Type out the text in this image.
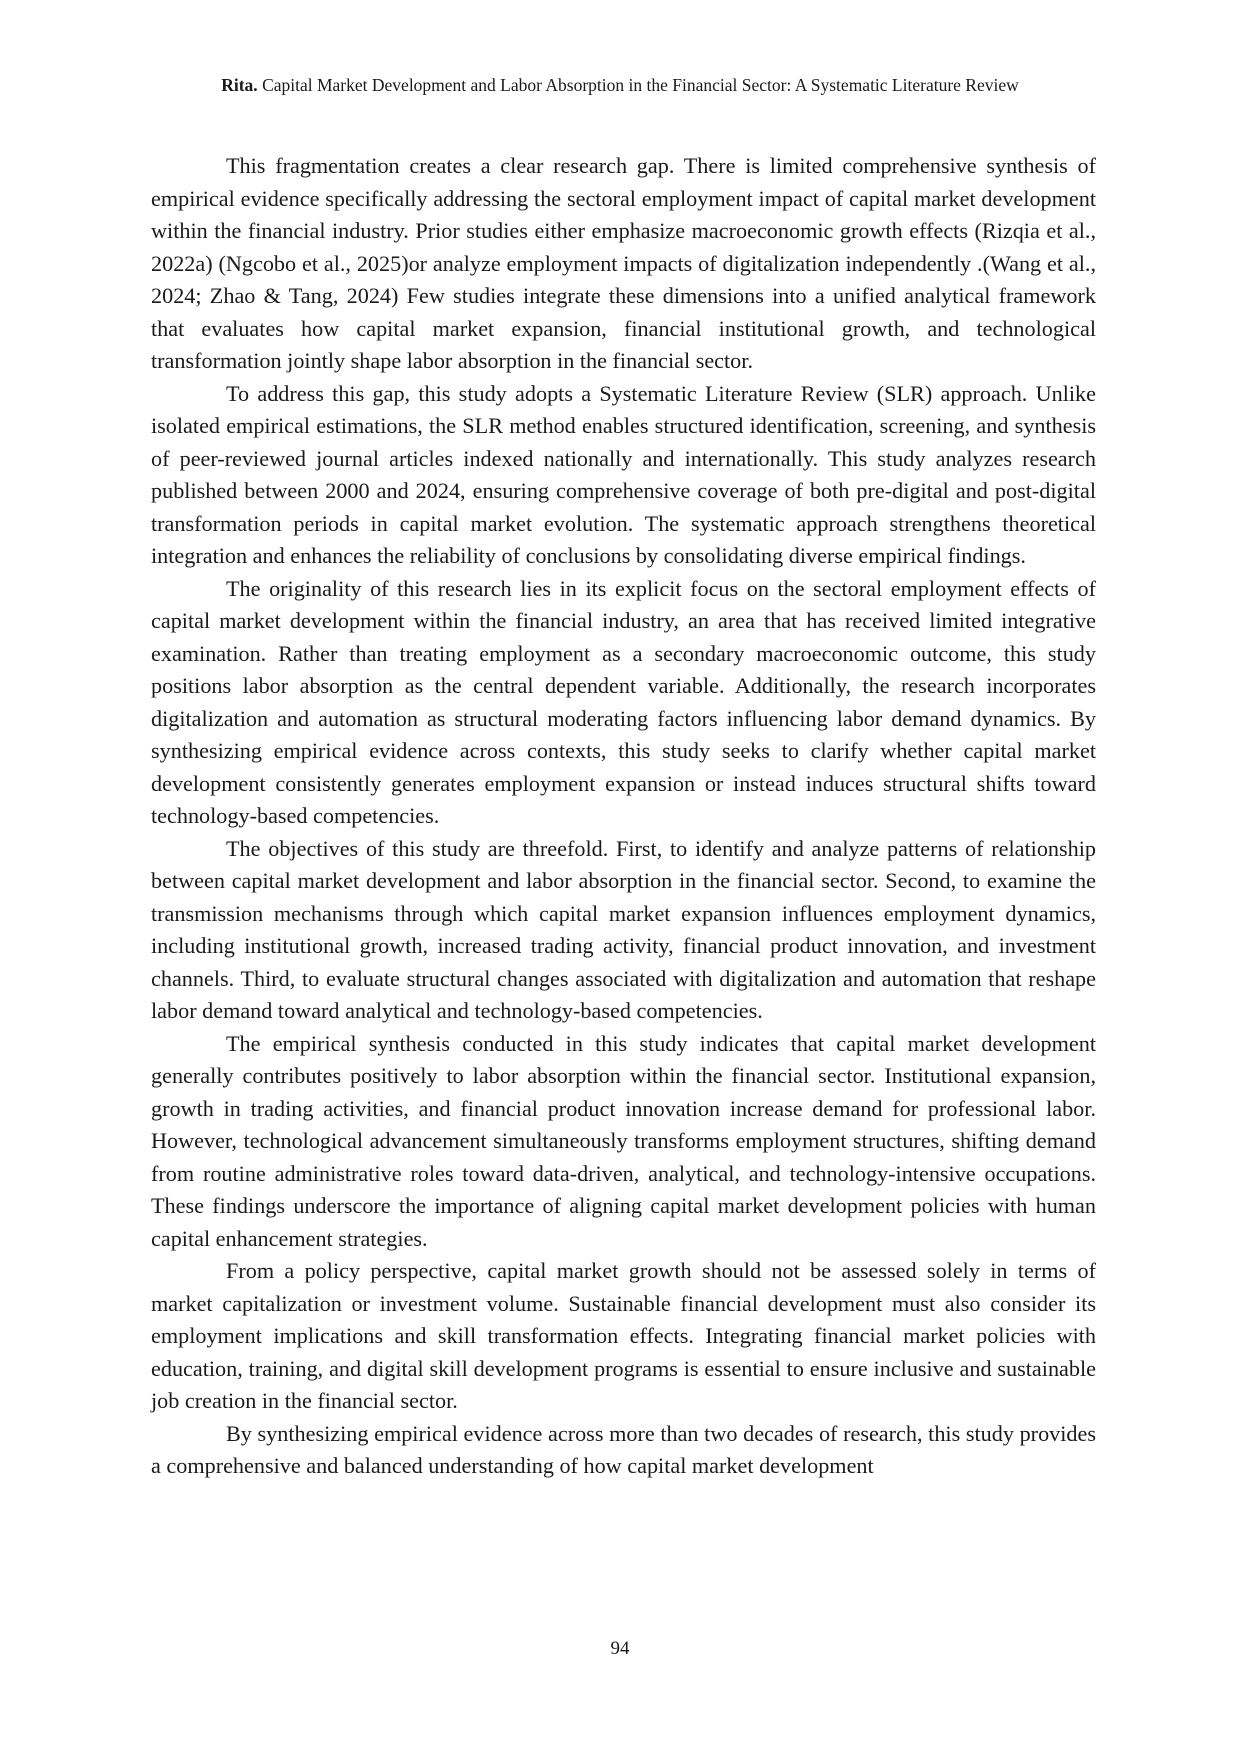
Rita. Capital Market Development and Labor Absorption in the Financial Sector: A Systematic Literature Review

This fragmentation creates a clear research gap. There is limited comprehensive synthesis of empirical evidence specifically addressing the sectoral employment impact of capital market development within the financial industry. Prior studies either emphasize macroeconomic growth effects (Rizqia et al., 2022a) (Ngcobo et al., 2025)or analyze employment impacts of digitalization independently .(Wang et al., 2024; Zhao & Tang, 2024) Few studies integrate these dimensions into a unified analytical framework that evaluates how capital market expansion, financial institutional growth, and technological transformation jointly shape labor absorption in the financial sector.

To address this gap, this study adopts a Systematic Literature Review (SLR) approach. Unlike isolated empirical estimations, the SLR method enables structured identification, screening, and synthesis of peer-reviewed journal articles indexed nationally and internationally. This study analyzes research published between 2000 and 2024, ensuring comprehensive coverage of both pre-digital and post-digital transformation periods in capital market evolution. The systematic approach strengthens theoretical integration and enhances the reliability of conclusions by consolidating diverse empirical findings.

The originality of this research lies in its explicit focus on the sectoral employment effects of capital market development within the financial industry, an area that has received limited integrative examination. Rather than treating employment as a secondary macroeconomic outcome, this study positions labor absorption as the central dependent variable. Additionally, the research incorporates digitalization and automation as structural moderating factors influencing labor demand dynamics. By synthesizing empirical evidence across contexts, this study seeks to clarify whether capital market development consistently generates employment expansion or instead induces structural shifts toward technology-based competencies.

The objectives of this study are threefold. First, to identify and analyze patterns of relationship between capital market development and labor absorption in the financial sector. Second, to examine the transmission mechanisms through which capital market expansion influences employment dynamics, including institutional growth, increased trading activity, financial product innovation, and investment channels. Third, to evaluate structural changes associated with digitalization and automation that reshape labor demand toward analytical and technology-based competencies.

The empirical synthesis conducted in this study indicates that capital market development generally contributes positively to labor absorption within the financial sector. Institutional expansion, growth in trading activities, and financial product innovation increase demand for professional labor. However, technological advancement simultaneously transforms employment structures, shifting demand from routine administrative roles toward data-driven, analytical, and technology-intensive occupations. These findings underscore the importance of aligning capital market development policies with human capital enhancement strategies.

From a policy perspective, capital market growth should not be assessed solely in terms of market capitalization or investment volume. Sustainable financial development must also consider its employment implications and skill transformation effects. Integrating financial market policies with education, training, and digital skill development programs is essential to ensure inclusive and sustainable job creation in the financial sector.

By synthesizing empirical evidence across more than two decades of research, this study provides a comprehensive and balanced understanding of how capital market development

94
